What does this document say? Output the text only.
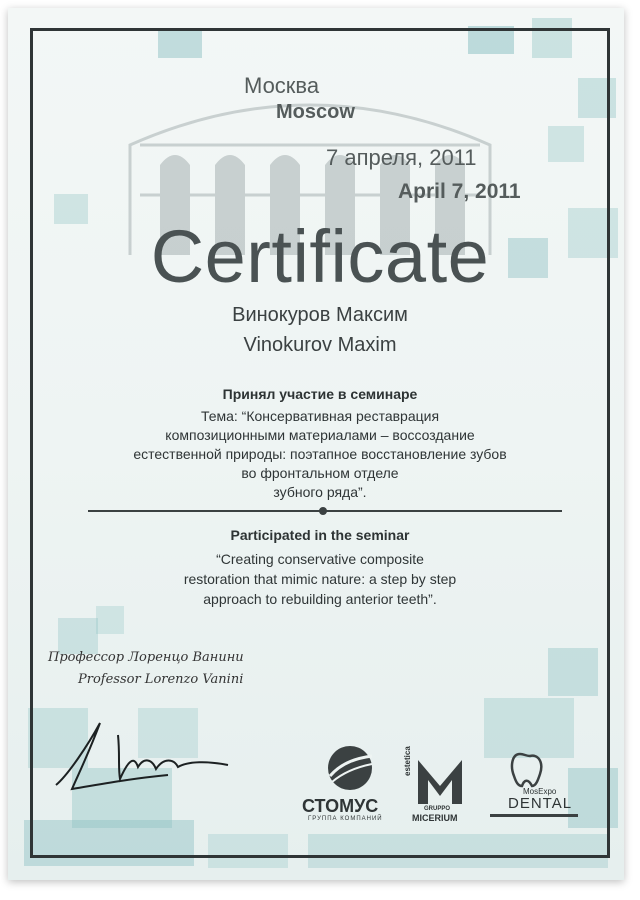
Москва

Moscow

7 апреля, 2011

April 7, 2011

Certificate

Винокуров Максим

Vinokurov Maxim

Принял участие в семинаре

Тема: “Консервативная реставрация

композиционными материалами – воссоздание

естественной природы: поэтапное восстановление зубов

во фронтальном отделе

зубного ряда”.

Participated in the seminar

“Creating conservative composite

restoration that mimic nature: a step by step

approach to rebuilding anterior teeth”.

Профессор Лоренцо Ванини

Professor Lorenzo Vanini

СТОМУС

ГРУППА КОМПАНИЙ

estetica

GRUPPO

MICERIUM

MosExpo

DENTAL
